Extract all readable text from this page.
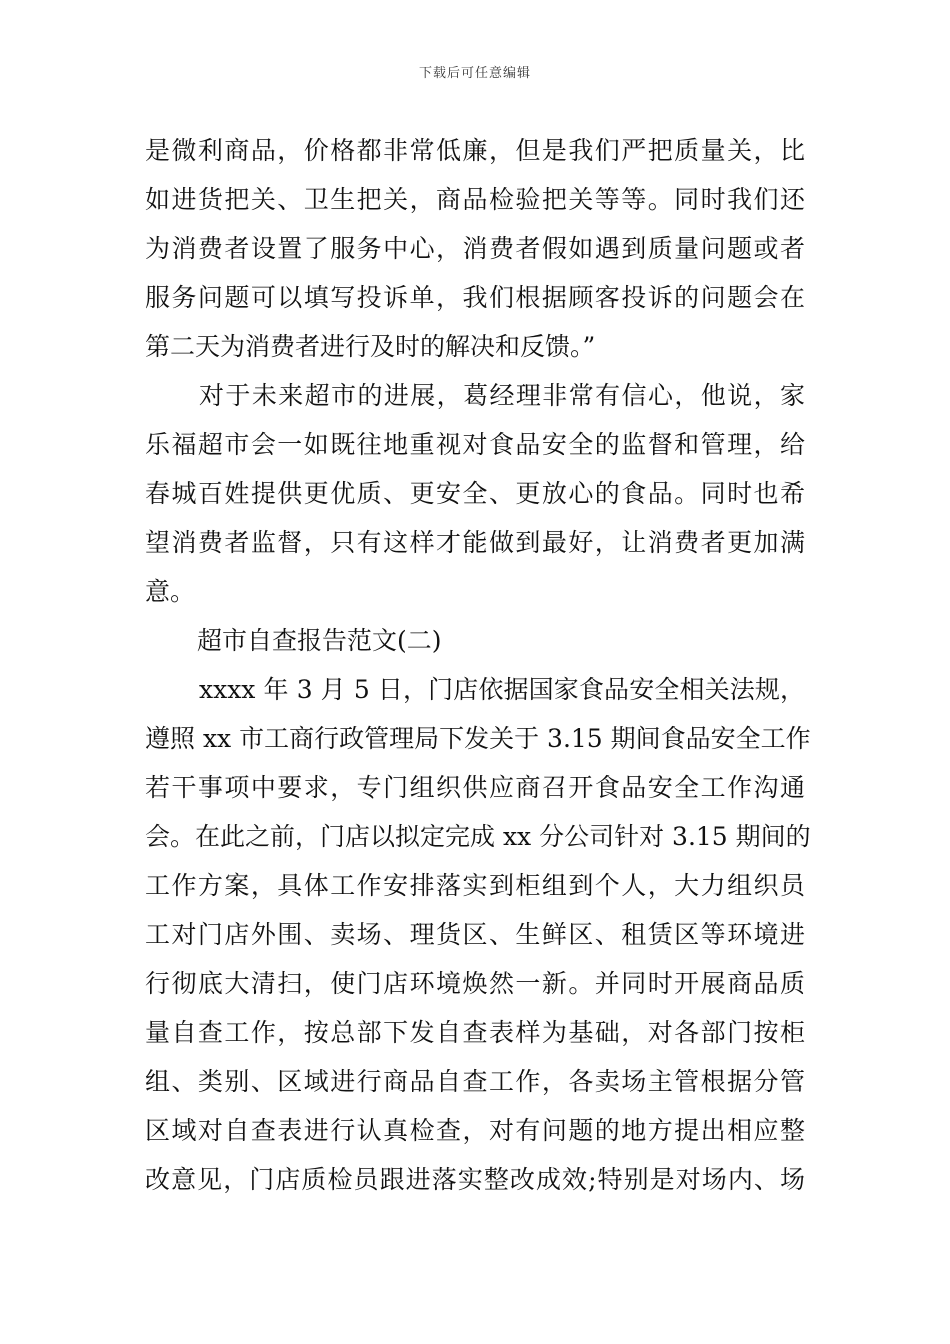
下载后可任意编辑
是微利商品，价格都非常低廉，但是我们严把质量关，比
如进货把关、卫生把关，商品检验把关等等。同时我们还
为消费者设置了服务中心，消费者假如遇到质量问题或者
服务问题可以填写投诉单，我们根据顾客投诉的问题会在
第二天为消费者进行及时的解决和反馈。”
对于未来超市的进展，葛经理非常有信心，他说，家
乐福超市会一如既往地重视对食品安全的监督和管理，给
春城百姓提供更优质、更安全、更放心的食品。同时也希
望消费者监督，只有这样才能做到最好，让消费者更加满
意。
超市自查报告范文(二)
xxxx 年 3 月 5 日，门店依据国家食品安全相关法规，
遵照 xx 市工商行政管理局下发关于 3.15 期间食品安全工作
若干事项中要求，专门组织供应商召开食品安全工作沟通
会。在此之前，门店以拟定完成 xx 分公司针对 3.15 期间的
工作方案，具体工作安排落实到柜组到个人，大力组织员
工对门店外围、卖场、理货区、生鲜区、租赁区等环境进
行彻底大清扫，使门店环境焕然一新。并同时开展商品质
量自查工作，按总部下发自查表样为基础，对各部门按柜
组、类别、区域进行商品自查工作，各卖场主管根据分管
区域对自查表进行认真检查，对有问题的地方提出相应整
改意见，门店质检员跟进落实整改成效;特别是对场内、场
